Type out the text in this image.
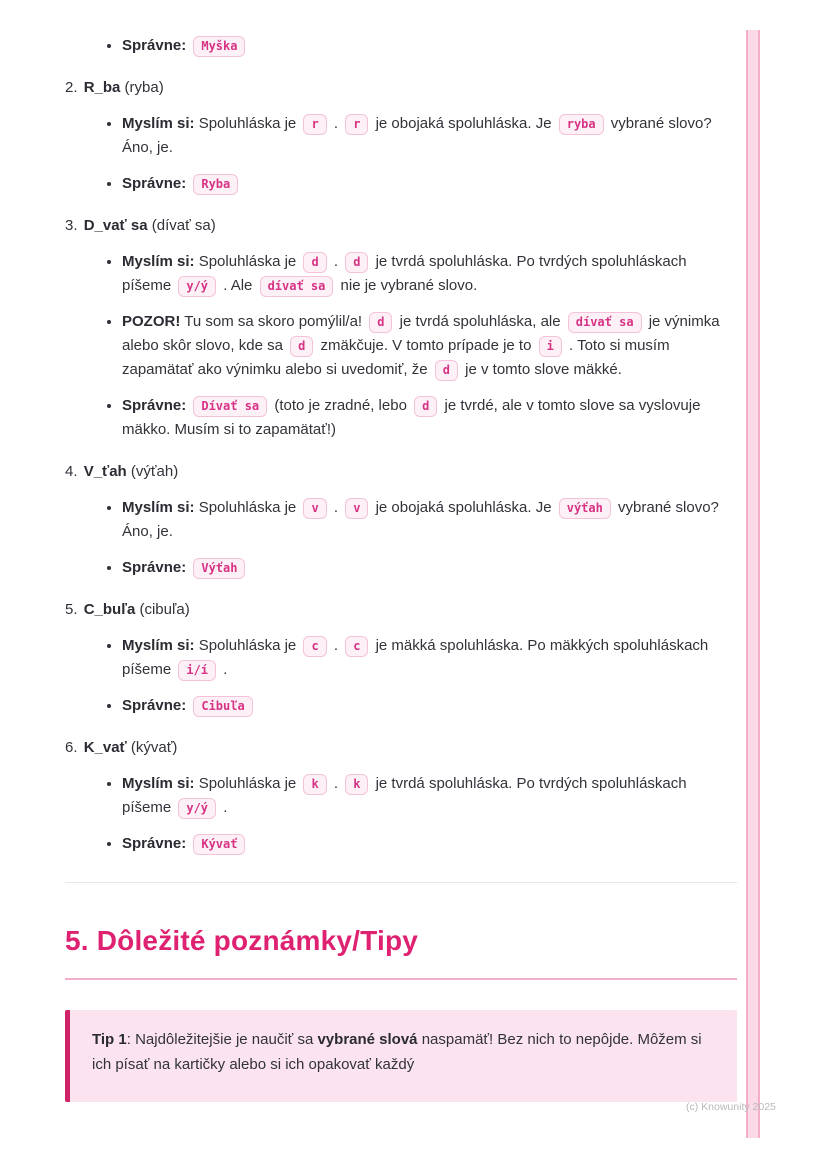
• Správne: Myška
2. R_ba (ryba)
• Myslím si: Spoluhláska je r . r je obojaká spoluhláska. Je ryba vybrané slovo? Áno, je.
• Správne: Ryba
3. D_vať sa (dívať sa)
• Myslím si: Spoluhláska je d . d je tvrdá spoluhláska. Po tvrdých spoluhláskach píšeme y/ý . Ale dívať sa nie je vybrané slovo.
• POZOR! Tu som sa skoro pomýlil/a! d je tvrdá spoluhláska, ale dívať sa je výnimka alebo skôr slovo, kde sa d zmäkčuje. V tomto prípade je to i . Toto si musím zapamätať ako výnimku alebo si uvedomiť, že d je v tomto slove mäkké.
• Správne: Dívať sa (toto je zradné, lebo d je tvrdé, ale v tomto slove sa vyslovuje mäkko. Musím si to zapamätať!)
4. V_ťah (výťah)
• Myslím si: Spoluhláska je v . v je obojaká spoluhláska. Je výťah vybrané slovo? Áno, je.
• Správne: Výťah
5. C_buľa (cibuľa)
• Myslím si: Spoluhláska je c . c je mäkká spoluhláska. Po mäkkých spoluhláskach píšeme i/í .
• Správne: Cibuľa
6. K_vať (kývať)
• Myslím si: Spoluhláska je k . k je tvrdá spoluhláska. Po tvrdých spoluhláskach píšeme y/ý .
• Správne: Kývať
5. Dôležité poznámky/Tipy
Tip 1: Najdôležitejšie je naučiť sa vybrané slová naspamäť! Bez nich to nepôjde. Môžem si ich písať na kartičky alebo si ich opakovať každý
(c) Knowunity 2025
